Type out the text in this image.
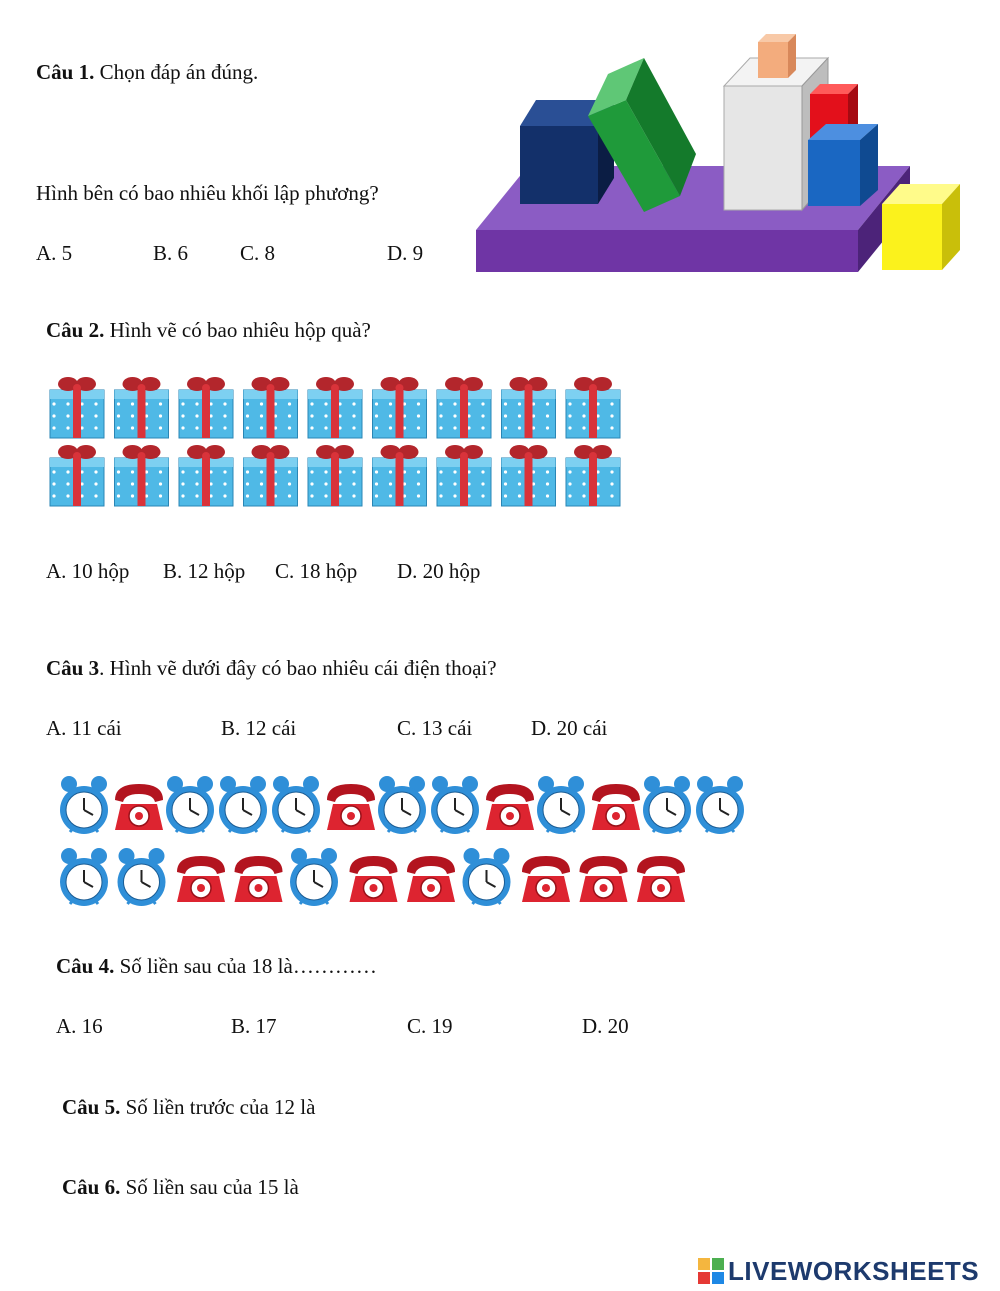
Câu 1. Chọn đáp án đúng.
Hình bên có bao nhiêu khối lập phương?
A. 5	B. 6 C. 8	D. 9
Câu 2. Hình vẽ có bao nhiêu hộp quà?
A. 10 hộp B. 12 hộp C. 18 hộp D. 20 hộp
Câu 3. Hình vẽ dưới đây có bao nhiêu cái điện thoại?
A. 11 cái	B. 12 cái	C. 13 cái	D. 20 cái
Câu 4. Số liền sau của 18 là…………
A. 16	B. 17	C. 19	D. 20
Câu 5. Số liền trước của 12 là
Câu 6. Số liền sau của 15 là
LIVEWORKSHEETS
